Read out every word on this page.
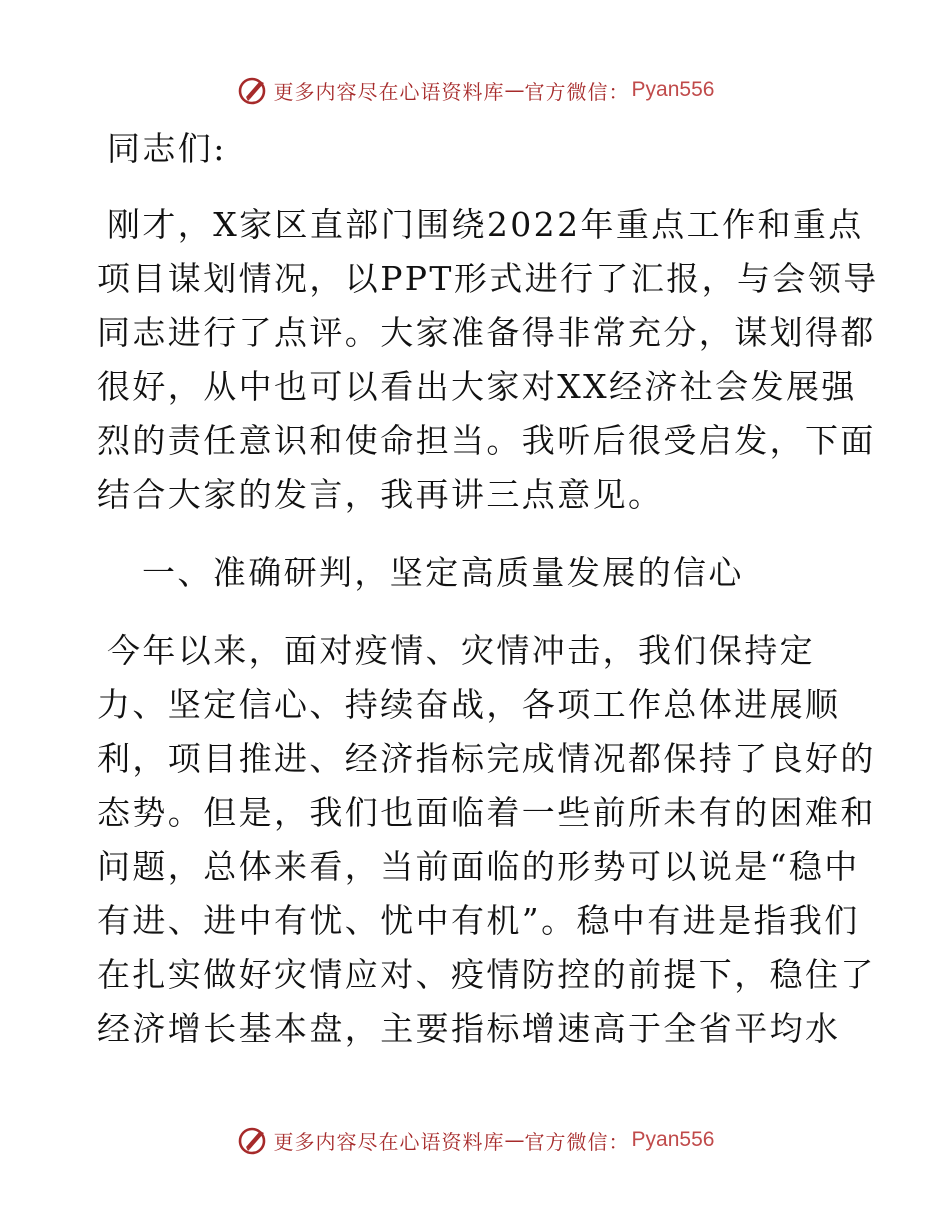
更多内容尽在心语资料库 — 官方微信： Pyan556

同志们:

刚才，X家区直部门围绕2022年重点工作和重点

项目谋划情况，以PPT形式进行了汇报，与会领导

同志进行了点评。大家准备得非常充分，谋划得都

很好，从中也可以看出大家对XX经济社会发展强

烈的责任意识和使命担当。我听后很受启发，下面

结合大家的发言，我再讲三点意见。

一、准确研判，坚定高质量发展的信心

今年以来，面对疫情、灾情冲击，我们保持定

力、坚定信心、持续奋战，各项工作总体进展顺

利，项目推进、经济指标完成情况都保持了良好的

态势。但是，我们也面临着一些前所未有的困难和

问题，总体来看，当前面临的形势可以说是“稳中

有进、进中有忧、忧中有机”。稳中有进是指我们

在扎实做好灾情应对、疫情防控的前提下，稳住了

经济增长基本盘，主要指标增速高于全省平均水

更多内容尽在心语资料库 — 官方微信： Pyan556
